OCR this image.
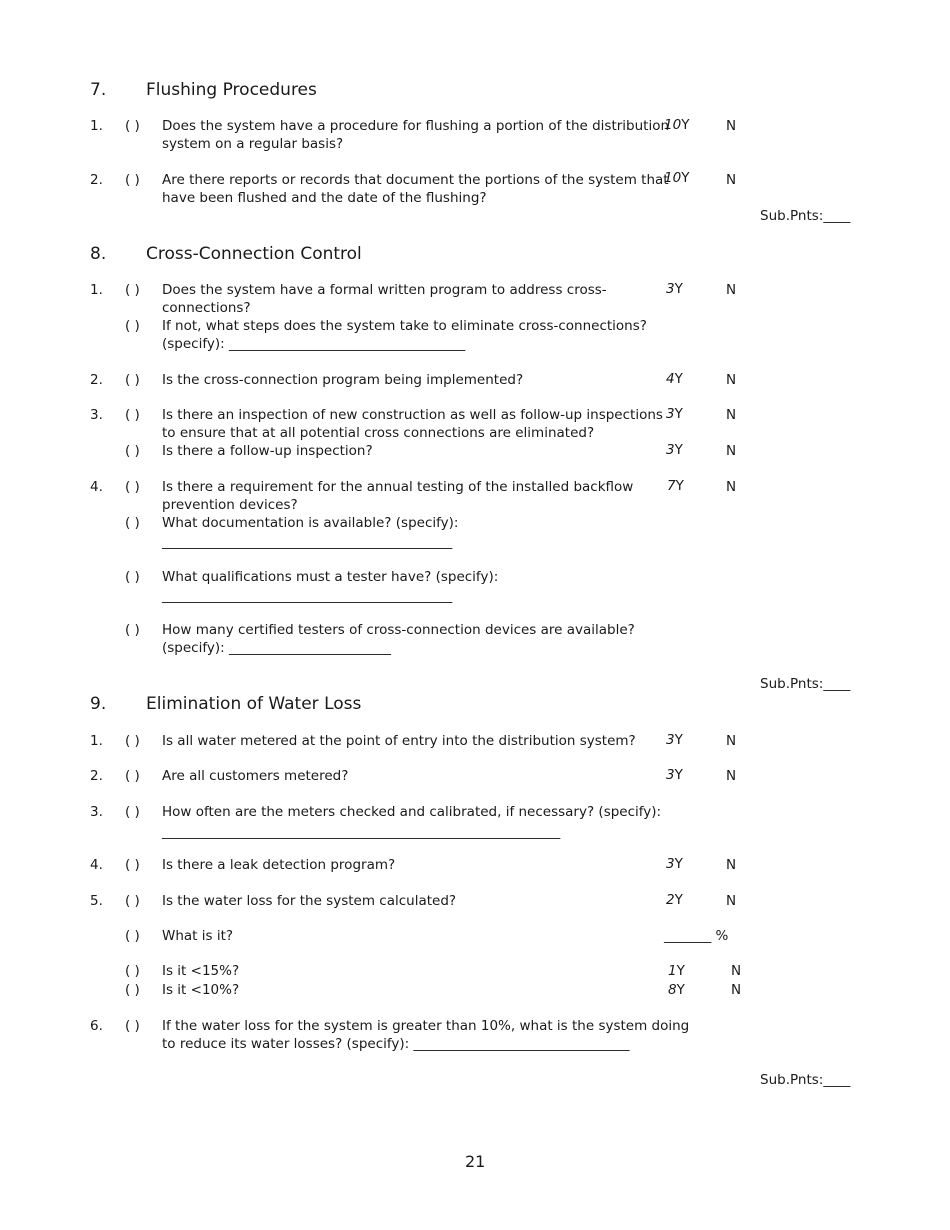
7. Flushing Procedures
1. ( ) Does the system have a procedure for flushing a portion of the distribution
system on a regular basis?
10Y	N
2. ( ) Are there reports or records that document the portions of the system that
have been flushed and the date of the flushing?
10Y	N
Sub.Pnts:____
8. Cross-Connection Control
1. ( ) Does the system have a formal written program to address cross-
connections?
3Y	N
( ) If not, what steps does the system take to eliminate cross-connections?
(specify): ___________________________________
2. ( ) Is the cross-connection program being implemented?	4Y	N
3. ( ) Is there an inspection of new construction as well as follow-up inspections
to ensure that at all potential cross connections are eliminated?
3Y	N
( ) Is there a follow-up inspection?	3Y	N
4. ( ) Is there a requirement for the annual testing of the installed backflow
prevention devices?
7Y	N
( ) What documentation is available? (specify):
___________________________________________
( ) What qualifications must a tester have? (specify):
___________________________________________
( ) How many certified testers of cross-connection devices are available?
(specify): ________________________
Sub.Pnts:____
9. Elimination of Water Loss
1. ( ) Is all water metered at the point of entry into the distribution system? 3Y	N
2. ( ) Are all customers metered?	3Y	N
3. ( ) How often are the meters checked and calibrated, if necessary? (specify):
___________________________________________________________
4. ( ) Is there a leak detection program?	3Y	N
5. ( ) Is the water loss for the system calculated?	2Y	N
( ) What is it?	_______ %
( ) Is it <15%?	1Y	N
( ) Is it <10%?	8Y	N
6. ( ) If the water loss for the system is greater than 10%, what is the system doing
to reduce its water losses? (specify): ________________________________
Sub.Pnts:____
21
